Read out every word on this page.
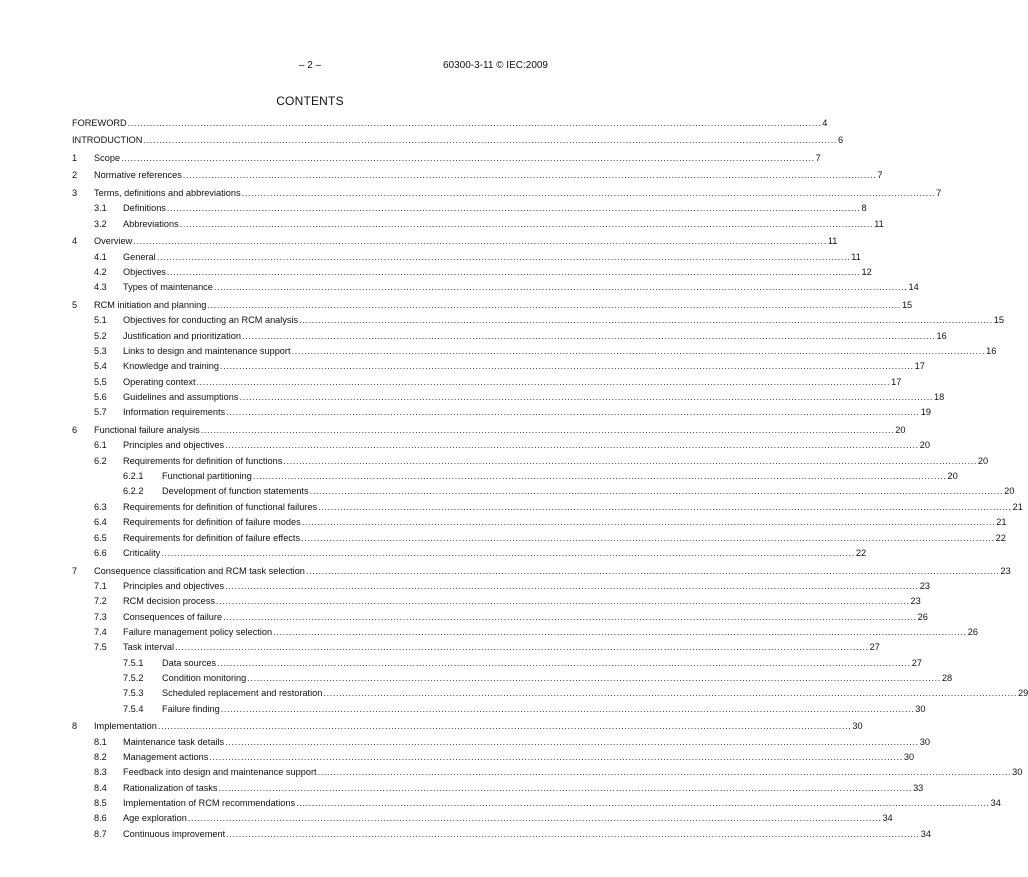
– 2 –	60300-3-11 © IEC:2009
CONTENTS
FOREWORD ............................................................................................................................................................................................................................ 4
INTRODUCTION ............................................................................................................................................................................................................................ 6
1	Scope ............................................................................................................................................................................................................................ 7
2	Normative references ............................................................................................................................................................................................................................ 7
3	Terms, definitions and abbreviations ............................................................................................................................................................................................................................ 7
3.1	Definitions ............................................................................................................................................................................................................................ 8
3.2	Abbreviations ............................................................................................................................................................................................................................ 11
4	Overview ............................................................................................................................................................................................................................ 11
4.1	General ............................................................................................................................................................................................................................ 11
4.2	Objectives ............................................................................................................................................................................................................................ 12
4.3	Types of maintenance ............................................................................................................................................................................................................................ 14
5	RCM initiation and planning ............................................................................................................................................................................................................................ 15
5.1	Objectives for conducting an RCM analysis ............................................................................................................................................................................................................................ 15
5.2	Justification and prioritization ............................................................................................................................................................................................................................ 16
5.3	Links to design and maintenance support ............................................................................................................................................................................................................................ 16
5.4	Knowledge and training ............................................................................................................................................................................................................................ 17
5.5	Operating context ............................................................................................................................................................................................................................ 17
5.6	Guidelines and assumptions ............................................................................................................................................................................................................................ 18
5.7	Information requirements ............................................................................................................................................................................................................................ 19
6	Functional failure analysis ............................................................................................................................................................................................................................ 20
6.1	Principles and objectives ............................................................................................................................................................................................................................ 20
6.2	Requirements for definition of functions ............................................................................................................................................................................................................................ 20
6.2.1	Functional partitioning ............................................................................................................................................................................................................................ 20
6.2.2	Development of function statements ............................................................................................................................................................................................................................ 20
6.3	Requirements for definition of functional failures ............................................................................................................................................................................................................................ 21
6.4	Requirements for definition of failure modes ............................................................................................................................................................................................................................ 21
6.5	Requirements for definition of failure effects ............................................................................................................................................................................................................................ 22
6.6	Criticality ............................................................................................................................................................................................................................ 22
7	Consequence classification and RCM task selection ............................................................................................................................................................................................................................ 23
7.1	Principles and objectives ............................................................................................................................................................................................................................ 23
7.2	RCM decision process ............................................................................................................................................................................................................................ 23
7.3	Consequences of failure ............................................................................................................................................................................................................................ 26
7.4	Failure management policy selection ............................................................................................................................................................................................................................ 26
7.5	Task interval ............................................................................................................................................................................................................................ 27
7.5.1	Data sources ............................................................................................................................................................................................................................ 27
7.5.2	Condition monitoring ............................................................................................................................................................................................................................ 28
7.5.3	Scheduled replacement and restoration ............................................................................................................................................................................................................................ 29
7.5.4	Failure finding ............................................................................................................................................................................................................................ 30
8	Implementation ............................................................................................................................................................................................................................ 30
8.1	Maintenance task details ............................................................................................................................................................................................................................ 30
8.2	Management actions ............................................................................................................................................................................................................................ 30
8.3	Feedback into design and maintenance support ............................................................................................................................................................................................................................ 30
8.4	Rationalization of tasks ............................................................................................................................................................................................................................ 33
8.5	Implementation of RCM recommendations ............................................................................................................................................................................................................................ 34
8.6	Age exploration ............................................................................................................................................................................................................................ 34
8.7	Continuous improvement ............................................................................................................................................................................................................................ 34
